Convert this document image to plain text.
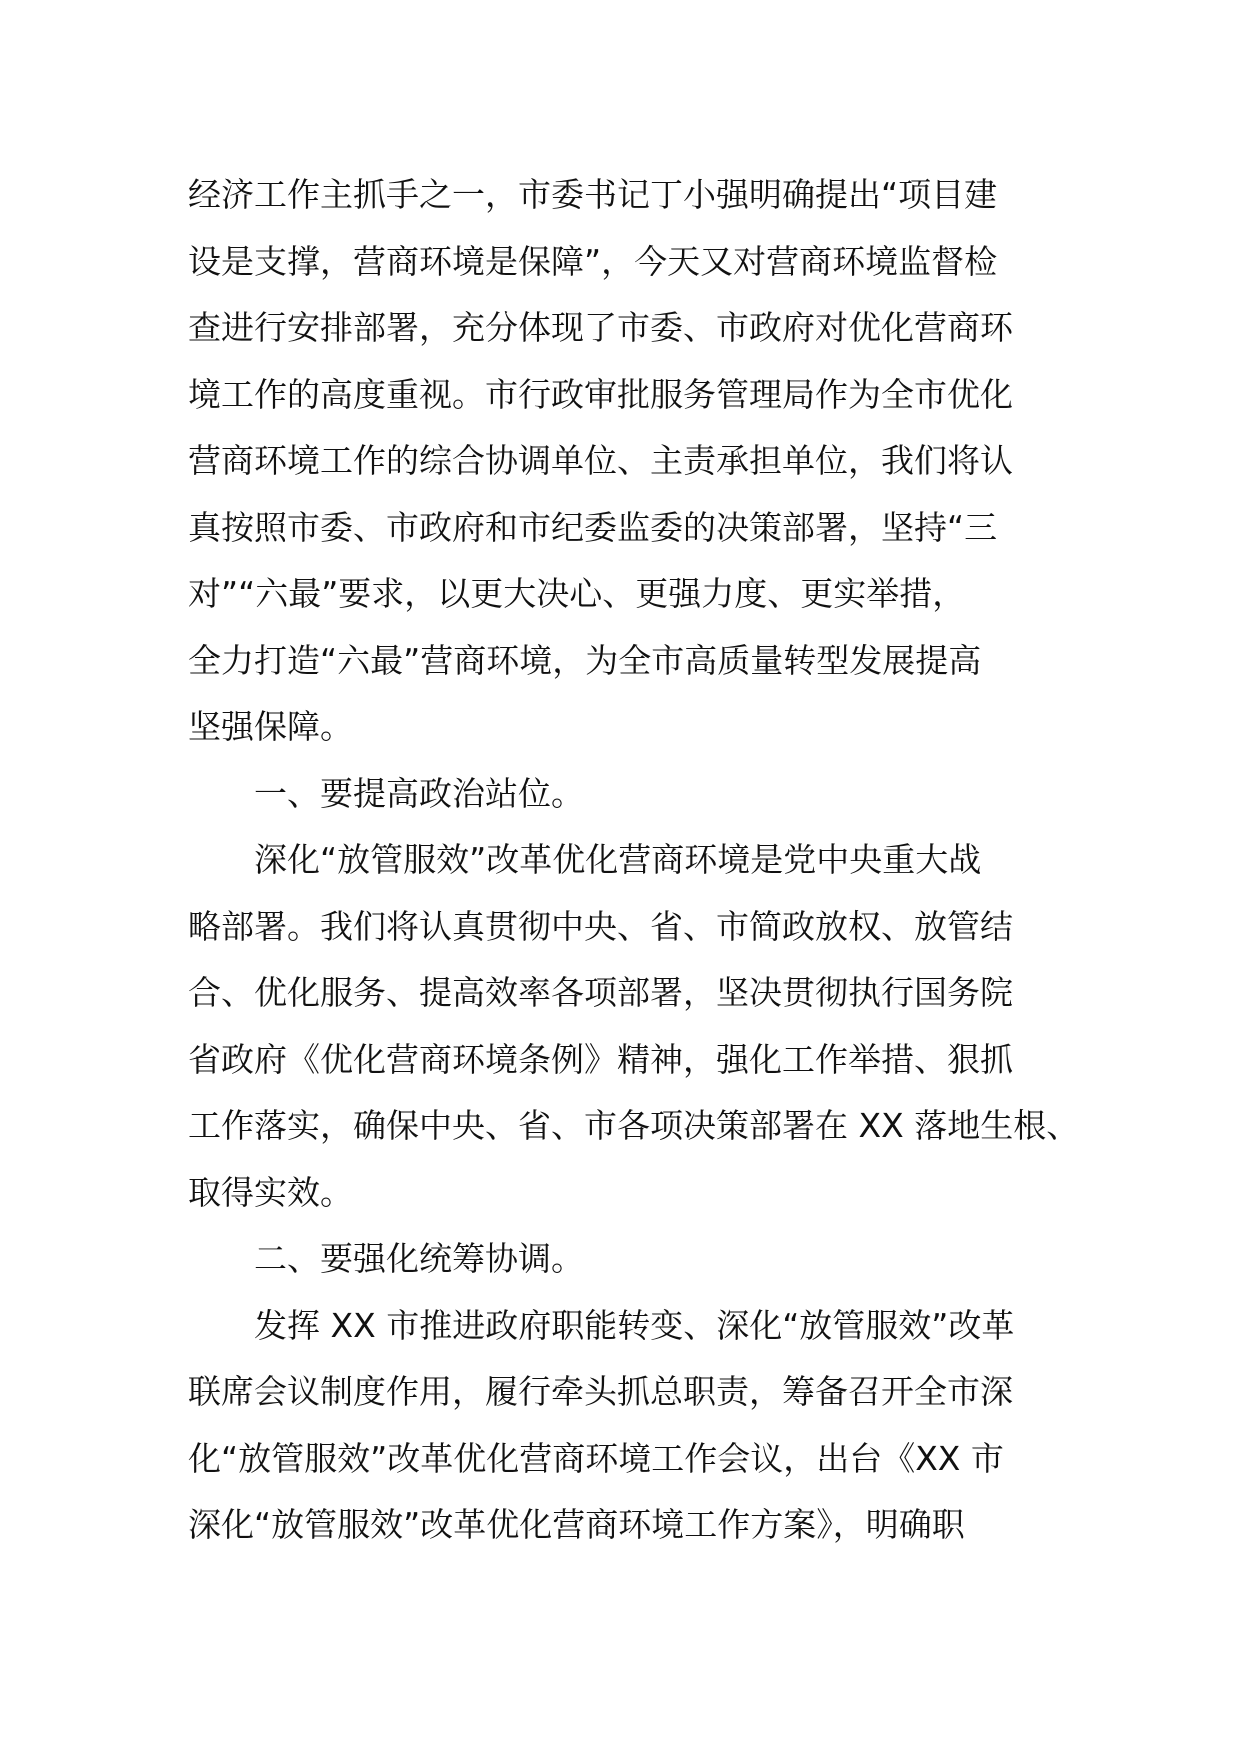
经济工作主抓手之一，市委书记丁小强明确提出“项目建
设是支撑，营商环境是保障”，今天又对营商环境监督检
查进行安排部署，充分体现了市委、市政府对优化营商环
境工作的高度重视。市行政审批服务管理局作为全市优化
营商环境工作的综合协调单位、主责承担单位，我们将认
真按照市委、市政府和市纪委监委的决策部署，坚持“三
对”“六最”要求，以更大决心、更强力度、更实举措，
全力打造“六最”营商环境，为全市高质量转型发展提高
坚强保障。
一、要提高政治站位。
深化“放管服效”改革优化营商环境是党中央重大战
略部署。我们将认真贯彻中央、省、市简政放权、放管结
合、优化服务、提高效率各项部署，坚决贯彻执行国务院
省政府《优化营商环境条例》精神，强化工作举措、狠抓
工作落实，确保中央、省、市各项决策部署在 XX 落地生根、
取得实效。
二、要强化统筹协调。
发挥 XX 市推进政府职能转变、深化“放管服效”改革
联席会议制度作用，履行牵头抓总职责，筹备召开全市深
化“放管服效”改革优化营商环境工作会议，出台《XX 市
深化“放管服效”改革优化营商环境工作方案》，明确职
